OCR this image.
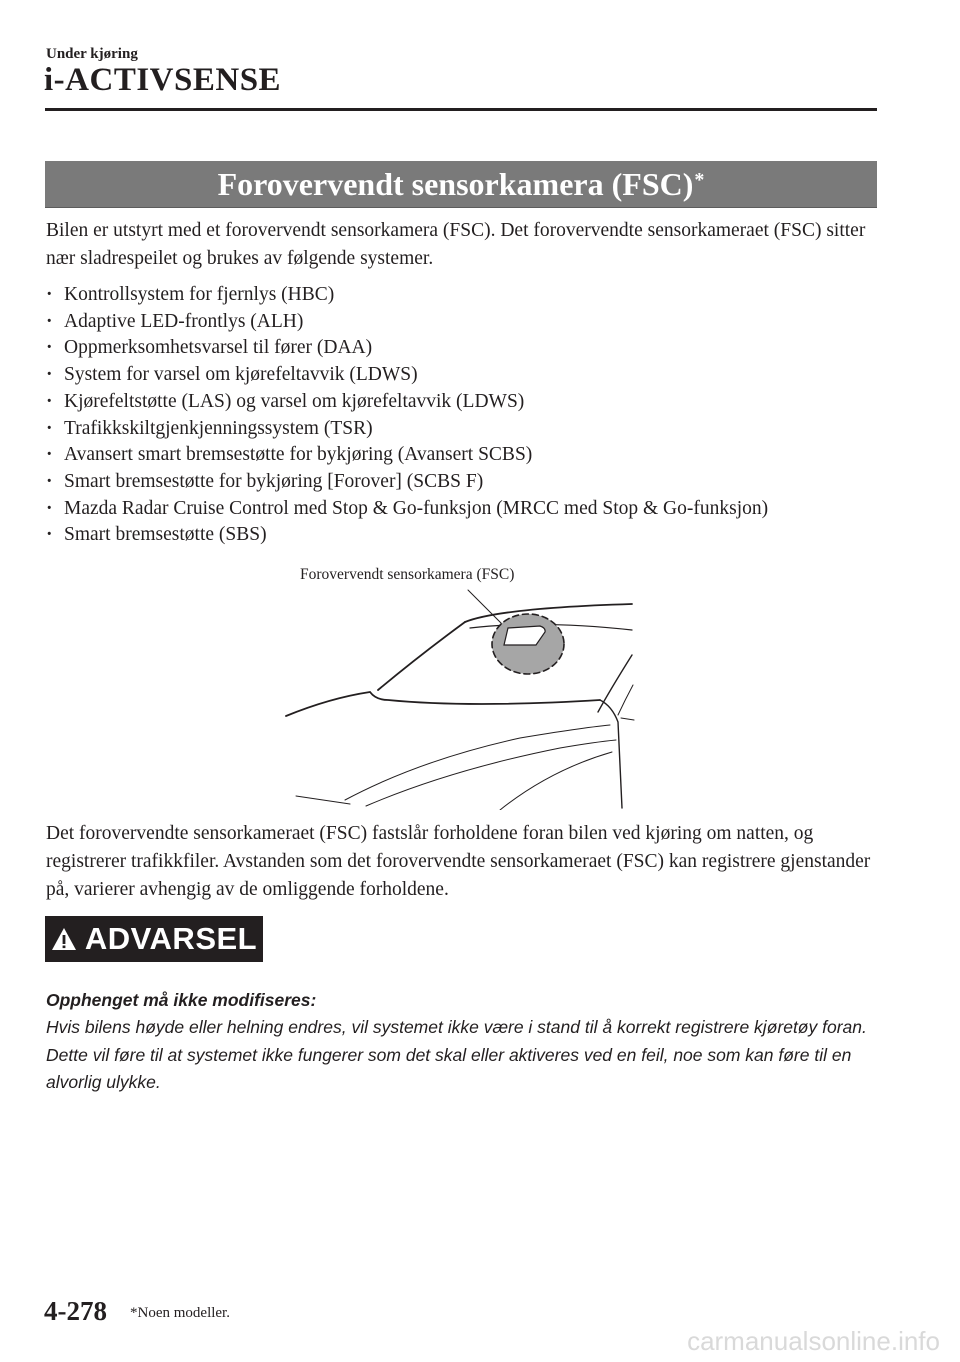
Under kjøring
i-ACTIVSENSE
Forovervendt sensorkamera (FSC)*
Bilen er utstyrt med et forovervendt sensorkamera (FSC). Det forovervendte sensorkameraet (FSC) sitter nær sladrespeilet og brukes av følgende systemer.
· Kontrollsystem for fjernlys (HBC)
· Adaptive LED-frontlys (ALH)
· Oppmerksomhetsvarsel til fører (DAA)
· System for varsel om kjørefeltavvik (LDWS)
· Kjørefeltstøtte (LAS) og varsel om kjørefeltavvik (LDWS)
· Trafikkskiltgjenkjenningssystem (TSR)
· Avansert smart bremsestøtte for bykjøring (Avansert SCBS)
· Smart bremsestøtte for bykjøring [Forover] (SCBS F)
· Mazda Radar Cruise Control med Stop & Go-funksjon (MRCC med Stop & Go-funksjon)
· Smart bremsestøtte (SBS)
Forovervendt sensorkamera (FSC)
Det forovervendte sensorkameraet (FSC) fastslår forholdene foran bilen ved kjøring om natten, og registrerer trafikkfiler. Avstanden som det forovervendte sensorkameraet (FSC) kan registrere gjenstander på, varierer avhengig av de omliggende forholdene.
ADVARSEL
Opphenget må ikke modifiseres:
Hvis bilens høyde eller helning endres, vil systemet ikke være i stand til å korrekt registrere kjøretøy foran. Dette vil føre til at systemet ikke fungerer som det skal eller aktiveres ved en feil, noe som kan føre til en alvorlig ulykke.
4-278 *Noen modeller.
carmanualsonline.info
